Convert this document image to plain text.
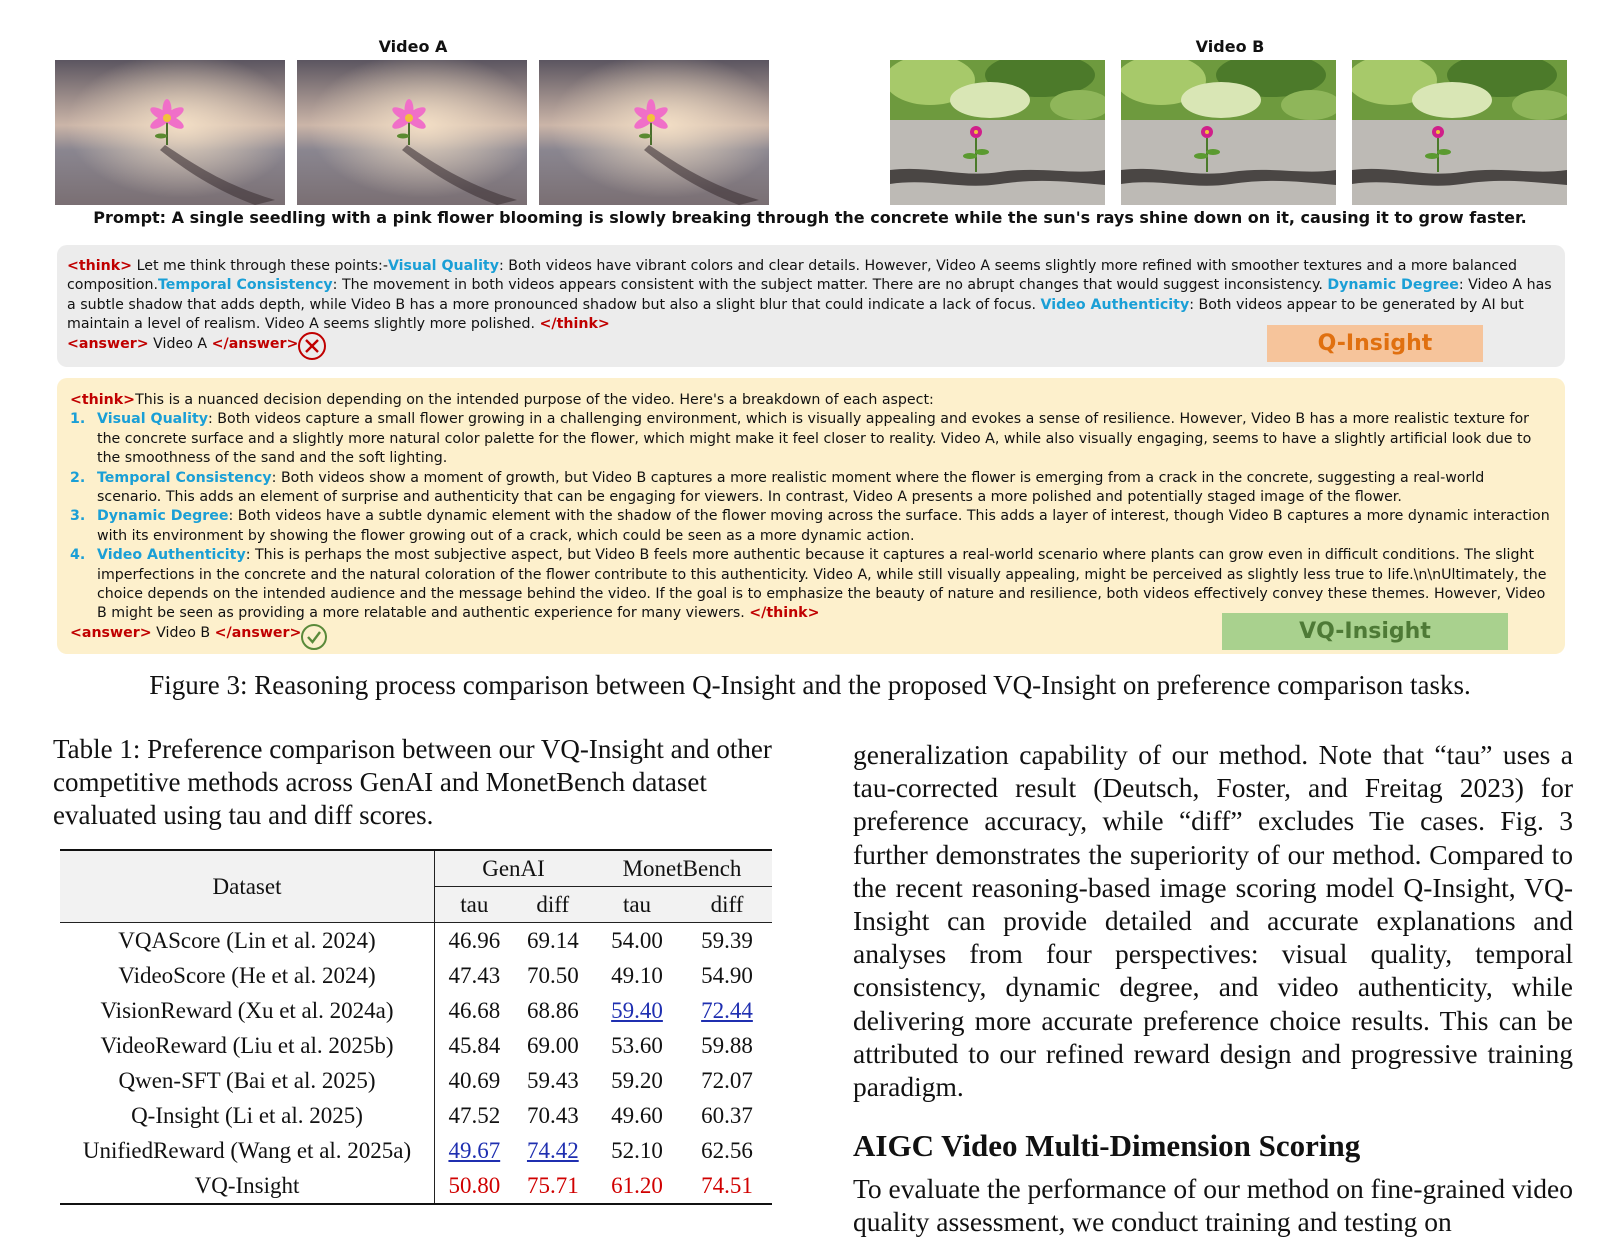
Video A	Video B
Prompt: A single seedling with a pink flower blooming is slowly breaking through the concrete while the sun's rays shine down on it, causing it to grow faster.
<think> Let me think through these points:-Visual Quality: Both videos have vibrant colors and clear details. However, Video A seems slightly more refined with smoother textures and a more balanced composition.Temporal Consistency: The movement in both videos appears consistent with the subject matter. There are no abrupt changes that would suggest inconsistency. Dynamic Degree: Video A has a subtle shadow that adds depth, while Video B has a more pronounced shadow but also a slight blur that could indicate a lack of focus. Video Authenticity: Both videos appear to be generated by AI but maintain a level of realism. Video A seems slightly more polished. </think>
<answer> Video A </answer>	Q-Insight
<think>This is a nuanced decision depending on the intended purpose of the video. Here's a breakdown of each aspect:
1. Visual Quality: Both videos capture a small flower growing in a challenging environment, which is visually appealing and evokes a sense of resilience. However, Video B has a more realistic texture for the concrete surface and a slightly more natural color palette for the flower, which might make it feel closer to reality. Video A, while also visually engaging, seems to have a slightly artificial look due to the smoothness of the sand and the soft lighting.
2. Temporal Consistency: Both videos show a moment of growth, but Video B captures a more realistic moment where the flower is emerging from a crack in the concrete, suggesting a real-world scenario. This adds an element of surprise and authenticity that can be engaging for viewers. In contrast, Video A presents a more polished and potentially staged image of the flower.
3. Dynamic Degree: Both videos have a subtle dynamic element with the shadow of the flower moving across the surface. This adds a layer of interest, though Video B captures a more dynamic interaction with its environment by showing the flower growing out of a crack, which could be seen as a more dynamic action.
4. Video Authenticity: This is perhaps the most subjective aspect, but Video B feels more authentic because it captures a real-world scenario where plants can grow even in difficult conditions. The slight imperfections in the concrete and the natural coloration of the flower contribute to this authenticity. Video A, while still visually appealing, might be perceived as slightly less true to life.\n\nUltimately, the choice depends on the intended audience and the message behind the video. If the goal is to emphasize the beauty of nature and resilience, both videos effectively convey these themes. However, Video B might be seen as providing a more relatable and authentic experience for many viewers. </think>
<answer> Video B </answer>	VQ-Insight
Figure 3: Reasoning process comparison between Q-Insight and the proposed VQ-Insight on preference comparison tasks.
Table 1: Preference comparison between our VQ-Insight and other competitive methods across GenAI and MonetBench dataset evaluated using tau and diff scores.
Dataset	GenAI		MonetBench	
	tau	diff	tau	diff
VQAScore (Lin et al. 2024)	46.96	69.14	54.00	59.39
VideoScore (He et al. 2024)	47.43	70.50	49.10	54.90
VisionReward (Xu et al. 2024a)	46.68	68.86	59.40	72.44
VideoReward (Liu et al. 2025b)	45.84	69.00	53.60	59.88
Qwen-SFT (Bai et al. 2025)	40.69	59.43	59.20	72.07
Q-Insight (Li et al. 2025)	47.52	70.43	49.60	60.37
UnifiedReward (Wang et al. 2025a)	49.67	74.42	52.10	62.56
VQ-Insight	50.80	75.71	61.20	74.51
generalization capability of our method. Note that “tau” uses a tau-corrected result (Deutsch, Foster, and Freitag 2023) for preference accuracy, while “diff” excludes Tie cases. Fig. 3 further demonstrates the superiority of our method. Compared to the recent reasoning-based image scoring model Q-Insight, VQ-Insight can provide detailed and accurate explanations and analyses from four perspectives: visual quality, temporal consistency, dynamic degree, and video authenticity, while delivering more accurate preference choice results. This can be attributed to our refined reward design and progressive training paradigm.
AIGC Video Multi-Dimension Scoring
To evaluate the performance of our method on fine-grained video quality assessment, we conduct training and testing on
